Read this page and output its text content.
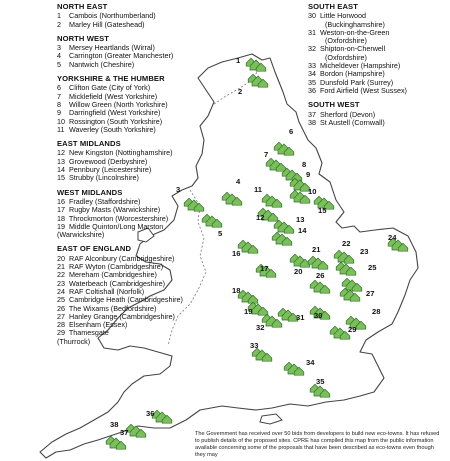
1
2
3
4
5
6
7
8
9
10
11
12	13
14
15
16
17
18
19
20
21
22
23
24
25
26
27
28
29
30
31
32
33
34
35
36
37
38
NORTH EAST
1 Cambois (Northumberland)
2 Marley Hill (Gateshead)
NORTH WEST
3 Mersey Heartlands (Wirral)
4 Carrington (Greater Manchester)
5 Nantwich (Cheshire)
YORKSHIRE & THE HUMBER
6 Clifton Gate (City of York)
7 Micklefield (West Yorkshire)
8 Willow Green (North Yorkshire)
9 Darringfield (West Yorkshire)
10 Rossington (South Yorkshire)
11 Waverley (South Yorkshire)
EAST MIDLANDS
12 New Kingston (Nottinghamshire)
13 Grovewood (Derbyshire)
14 Pennbury (Leicestershire)
15 Strubby (Lincolnshire)
WEST MIDLANDS
16 Fradley (Staffordshire)
17 Rugby Masts (Warwickshire)
18 Throckmorton (Worcestershire)
19 Middle Quinton/Long Marston
(Warwickshire)
EAST OF ENGLAND
20 RAF Alconbury (Cambridgeshire)
21 RAF Wyton (Cambridgeshire)
22 Mereham (Cambridgeshire)
23 Waterbeach (Cambridgeshire)
24 RAF Coltishall (Norfolk)
25 Cambridge Heath (Cambridgeshire)
26 The Wixams (Bedfordshire)
27 Hanley Grange (Cambridgeshire)
28 Elsenham (Essex)
29 Thamesgate
(Thurrock)
SOUTH EAST
30 Little Horwood
(Buckinghamshire)
31 Weston-on-the-Green
(Oxfordshire)
32 Shipton-on-Cherwell
(Oxfordshire)
33 Micheldever (Hampshire)
34 Bordon (Hampshire)
35 Dunsfold Park (Surrey)
36 Ford Airfield (West Sussex)
SOUTH WEST
37 Sherford (Devon)
38 St Austell (Cornwall)
The Government has received over 50 bids from developers to build new eco-towns. It has refused to publish details of the proposed sites. CPRE has compiled this map from the public information available concerning some of the proposals that have been described as eco-towns even though they may
